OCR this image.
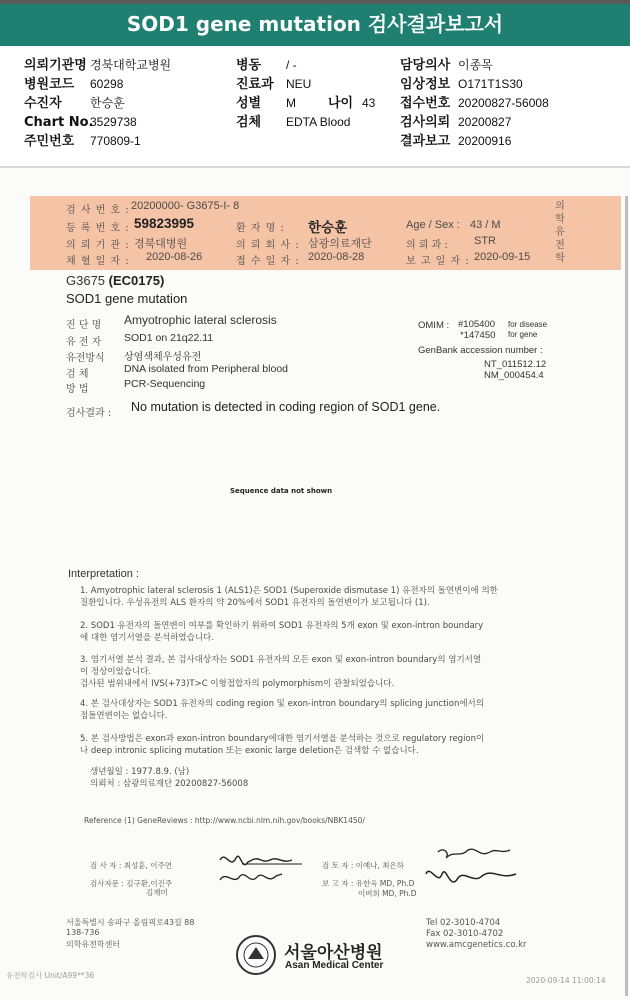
SOD1 gene mutation 검사결과보고서
의뢰기관명 경북대학교병원
병원코드 60298
수진자 한승훈
Chart No.3529738
주민번호 770809-1
병동 / -
진료과 NEU
성별 M 나이 43
검체 EDTA Blood
담당의사 이종목
임상정보 O171T1S30
접수번호 20200827-56008
검사의뢰 20200827
결과보고 20200916
검 사 번 호 : 20200000- G3675-I- 8
등 록 번 호 : 59823995	환 자 명 : 한승훈	Age / Sex : 43 / M
의 뢰 기 관 : 경북대병원	의 뢰 회 사 : 삼광의료재단	의 뢰 과 : STR
채 혈 일 자 : 2020-08-26	접 수 일 자 : 2020-08-28	보 고 일 자 : 2020-09-15
의학유전학
G3675 (EC0175)
SOD1 gene mutation
진 단 명 Amyotrophic lateral sclerosis
유 전 자 SOD1 on 21q22.11
유전방식 상염색체우성유전
검 체	DNA isolated from Peripheral blood
방 법	PCR-Sequencing
OMIM : #105400 for disease
*147450 for gene
GenBank accession number :
NT_011512.12
NM_000454.4
검사결과 : No mutation is detected in coding region of SOD1 gene.
Sequence data not shown
Interpretation :
1. Amyotrophic lateral sclerosis 1 (ALS1)은 SOD1 (Superoxide dismutase 1) 유전자의 돌연변이에 의한
질환입니다. 우성유전의 ALS 환자의 약 20%에서 SOD1 유전자의 돌연변이가 보고됩니다 (1).
2. SOD1 유전자의 돌연변이 여부를 확인하기 위하여 SOD1 유전자의 5개 exon 및 exon-intron boundary
에 대한 염기서열을 분석하였습니다.
3. 염기서열 분석 결과, 본 검사대상자는 SOD1 유전자의 모든 exon 및 exon-intron boundary의 염기서열
이 정상이었습니다.
검사된 범위내에서 IVS(+73)T>C 이형접합자의 polymorphism이 관찰되었습니다.
4. 본 검사대상자는 SOD1 유전자의 coding region 및 exon-intron boundary의 splicing junction에서의
점돌연변이는 없습니다.
5. 본 검사방법은 exon과 exon-intron boundary에대한 염기서열을 분석하는 것으로 regulatory region이
나 deep intronic splicing mutation 또는 exonic large deletion은 검색할 수 없습니다.
생년월일 : 1977.8.9. (남)
의뢰처 : 삼광의료재단 20200827-56008
Reference (1) GeneReviews : http://www.ncbi.nlm.nih.gov/books/NBK1450/
검 사 자 : 최성훈, 이주연
검사자문 : 김구환,이진주
김재미
검 토 자 : 이예나, 최은하
보 고 자 : 유한욱 MD, Ph.D
이벼희 MD, Ph.D
서울특별시 송파구 올림픽로43길 88
138-736
의학유전학센터	서울아산병원
Asan Medical Center
Tel 02-3010-4704
Fax 02-3010-4702
www.amcgenetics.co.kr
유전학검사 Unit/A99**36
2020-09-14 11:00:14
